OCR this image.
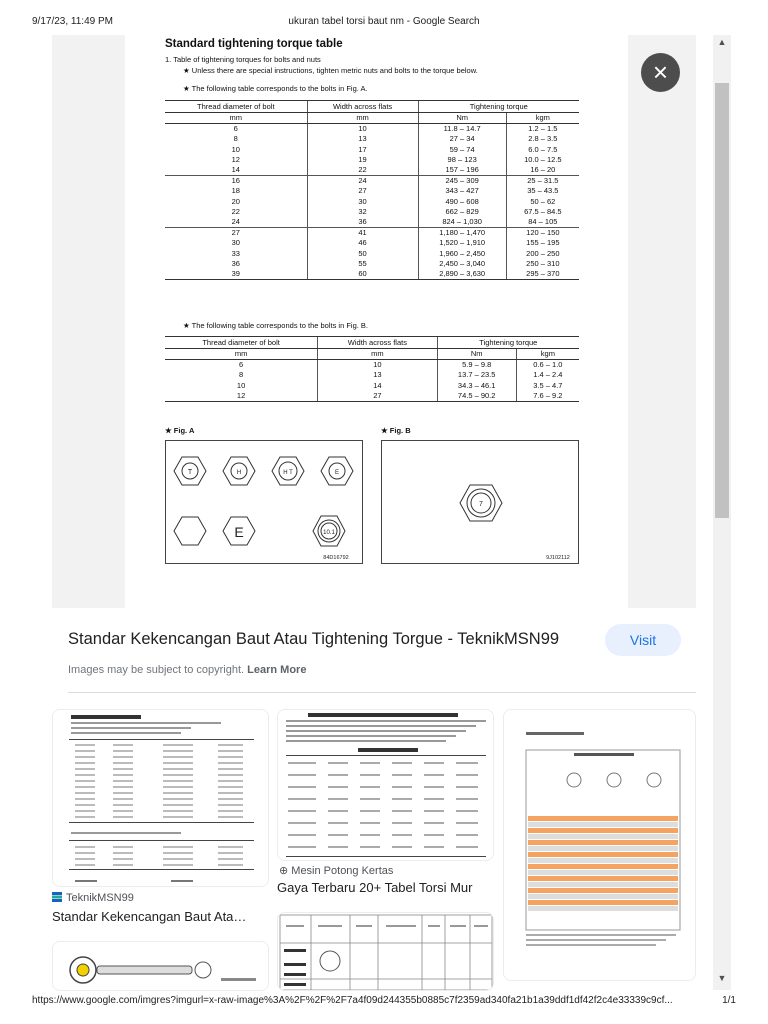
9/17/23, 11:49 PM	ukuran tabel torsi baut nm - Google Search
Standard tightening torque table
1. Table of tightening torques for bolts and nuts
★ Unless there are special instructions, tighten metric nuts and bolts to the torque below.
★ The following table corresponds to the bolts in Fig. A.
Thread diameter of bolt	Width across flats	Tightening torque	
mm	mm	Nm	kgm
6	10	11.8 – 14.7	1.2 – 1.5
8	13	27 – 34	2.8 – 3.5
10	17	59 – 74	6.0 – 7.5
12	19	98 – 123	10.0 – 12.5
14	22	157 – 196	16 – 20
16	24	245 – 309	25 – 31.5
18	27	343 – 427	35 – 43.5
20	30	490 – 608	50 – 62
22	32	662 – 829	67.5 – 84.5
24	36	824 – 1,030	84 – 105
27	41	1,180 – 1,470	120 – 150
30	46	1,520 – 1,910	155 – 195
33	50	1,960 – 2,450	200 – 250
36	55	2,450 – 3,040	250 – 310
39	60	2,890 – 3,630	295 – 370
★ The following table corresponds to the bolts in Fig. B.
Thread diameter of bolt	Width across flats	Tightening torque	
mm	mm	Nm	kgm
6	10	5.9 – 9.8	0.6 – 1.0
8	13	13.7 – 23.5	1.4 – 2.4
10	14	34.3 – 46.1	3.5 – 4.7
12	27	74.5 – 90.2	7.6 – 9.2
★ Fig. A
T	H	H T	E
E	10.1
84D16792
★ Fig. B
7
9J102112
×
Standar Kekencangan Baut Atau Tightening Torgue - TeknikMSN99	Visit
Images may be subject to copyright. Learn More
TeknikMSN99
Standar Kekencangan Baut Ata…
⊕ Mesin Potong Kertas
Gaya Terbaru 20+ Tabel Torsi Mur
▲
▼
https://www.google.com/imgres?imgurl=x-raw-image%3A%2F%2F%2F7a4f09d244355b0885c7f2359ad340fa21b1a39ddf1df42f2c4e33339c9cf...	1/1
